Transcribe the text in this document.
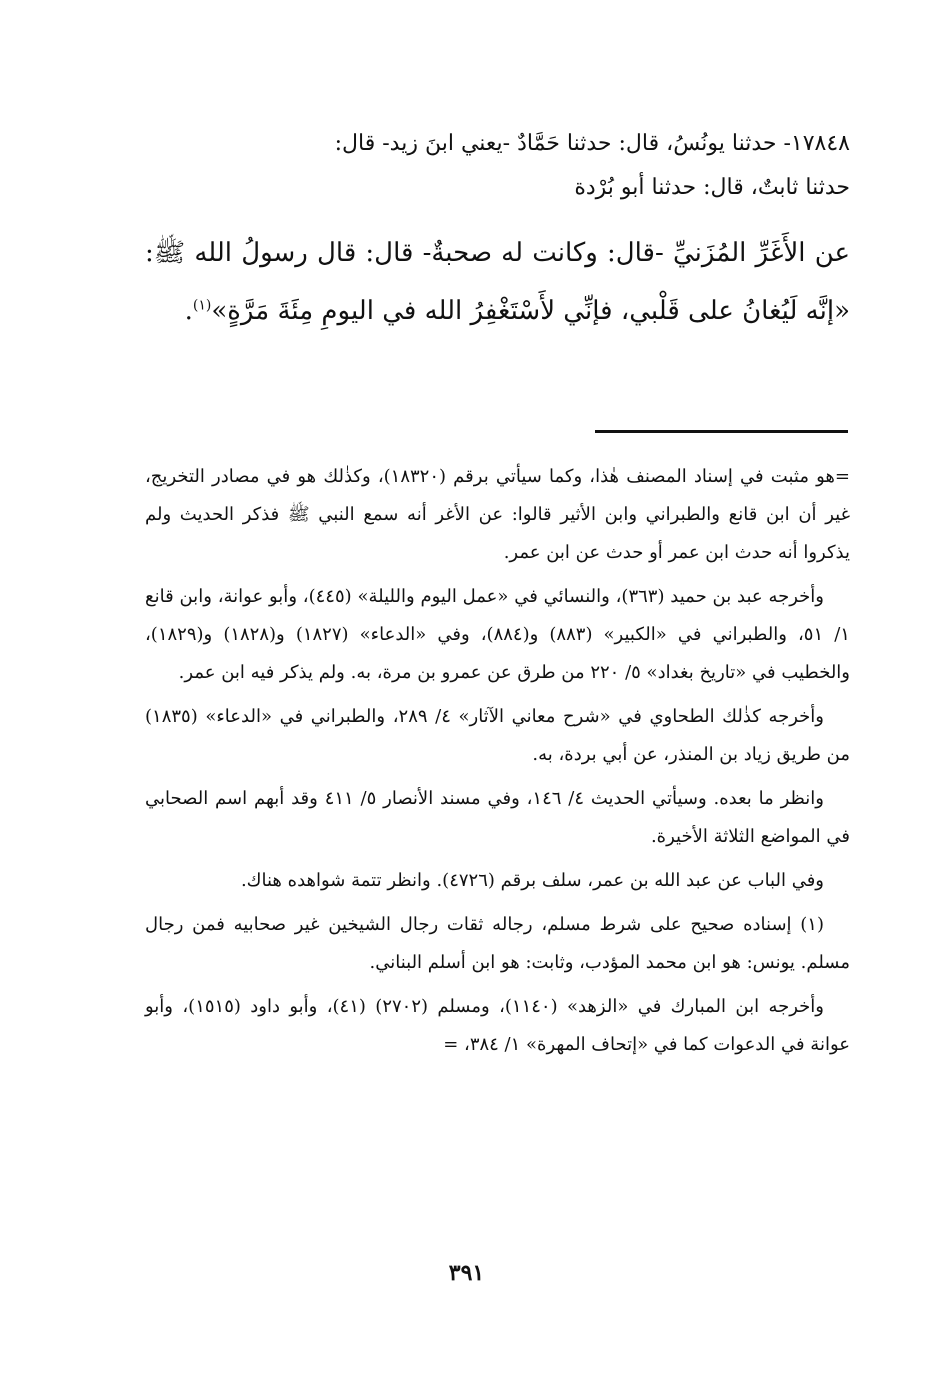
١٧٨٤٨- حدثنا يونُسُ، قال: حدثنا حَمَّادٌ -يعني ابنَ زيد- قال:
حدثنا ثابتٌ، قال: حدثنا أبو بُرْدة
عن الأَغَرِّ المُزَنيِّ -قال: وكانت له صحبةٌ- قال: قال رسولُ الله ﷺ: «إنَّه لَيُغانُ على قَلْبي، فإنِّي لأَسْتَغْفِرُ الله في اليومِ مِئَةَ مَرَّةٍ»$^{(١)}$.

=هو مثبت في إسناد المصنف هٰذا، وكما سيأتي برقم (١٨٣٢٠)، وكذٰلك هو في مصادر التخريج، غير أن ابن قانع والطبراني وابن الأثير قالوا: عن الأغر أنه سمع النبي ﷺ فذكر الحديث ولم يذكروا أنه حدث ابن عمر أو حدث عن ابن عمر.

وأخرجه عبد بن حميد (٣٦٣)، والنسائي في «عمل اليوم والليلة» (٤٤٥)، وأبو عوانة، وابن قانع ١/ ٥١، والطبراني في «الكبير» (٨٨٣) و(٨٨٤)، وفي «الدعاء» (١٨٢٧) و(١٨٢٨) و(١٨٢٩)، والخطيب في «تاريخ بغداد» ٥/ ٢٢٠ من طرق عن عمرو بن مرة، به. ولم يذكر فيه ابن عمر.

وأخرجه كذٰلك الطحاوي في «شرح معاني الآثار» ٤/ ٢٨٩، والطبراني في «الدعاء» (١٨٣٥) من طريق زياد بن المنذر، عن أبي بردة، به.

وانظر ما بعده. وسيأتي الحديث ٤/ ١٤٦، وفي مسند الأنصار ٥/ ٤١١ وقد أبهم اسم الصحابي في المواضع الثلاثة الأخيرة.

وفي الباب عن عبد الله بن عمر، سلف برقم (٤٧٢٦). وانظر تتمة شواهده هناك.

(١) إسناده صحيح على شرط مسلم، رجاله ثقات رجال الشيخين غير صحابيه فمن رجال مسلم. يونس: هو ابن محمد المؤدب، وثابت: هو ابن أسلم البناني.

وأخرجه ابن المبارك في «الزهد» (١١٤٠)، ومسلم (٢٧٠٢) (٤١)، وأبو داود (١٥١٥)، وأبو عوانة في الدعوات كما في «إتحاف المهرة» ١/ ٣٨٤، =

٣٩١
